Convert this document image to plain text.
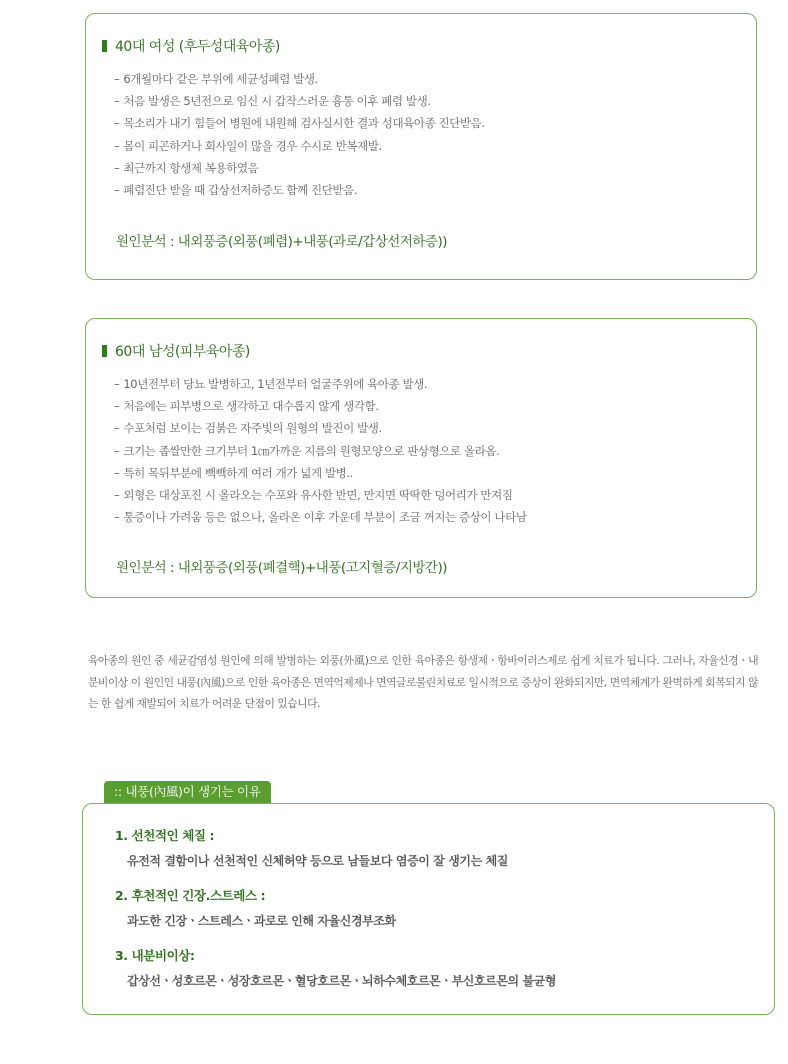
40대 여성 (후두성대육아종)
– 6개월마다 같은 부위에 세균성폐렴 발생.
– 처음 발생은 5년전으로 임신 시 갑작스러운 흉통 이후 폐렴 발생.
– 목소리가 내기 힘들어 병원에 내원해 검사실시한 결과 성대육아종 진단받음.
– 몸이 피곤하거나 회사일이 많을 경우 수시로 반복재발.
– 최근까지 항생제 복용하였음
– 폐렴진단 받을 때 갑상선저하증도 함께 진단받음.
원인분석 : 내외풍증(외풍(폐렴)+내풍(과로/갑상선저하증))
60대 남성(피부육아종)
– 10년전부터 당뇨 발병하고, 1년전부터 얼굴주위에 육아종 발생.
– 처음에는 피부병으로 생각하고 대수롭지 않게 생각함.
– 수포처럼 보이는 검붉은 자주빛의 원형의 발진이 발생.
– 크기는 좁쌀만한 크기부터 1㎝가까운 지름의 원형모양으로 판상형으로 올라옴.
– 특히 목뒤부분에 빽빽하게 여러 개가 넓게 발병..
– 외형은 대상포진 시 올라오는 수포와 유사한 반면, 만지면 딱딱한 덩어리가 만져짐
– 통증이나 가려움 등은 없으나, 올라온 이후 가운데 부분이 조금 꺼지는 증상이 나타남
원인분석 : 내외풍증(외풍(폐결핵)+내풍(고지혈증/지방간))

육아종의 원인 중 세균감염성 원인에 의해 발병하는 외풍(外風)으로 인한 육아종은 항생제ㆍ항바이러스제로 쉽게 치료가 됩니다. 그러나, 자율신경ㆍ내분비이상 이 원인인 내풍(內風)으로 인한 육아종은 면역억제제나 면역글로불린치료로 일시적으로 증상이 완화되지만, 면역체계가 완벽하게 회복되지 않는 한 쉽게 재발되어 치료가 어려운 단점이 있습니다.

:: 내풍(內風)이 생기는 이유
1. 선천적인 체질 :
유전적 결함이나 선천적인 신체허약 등으로 남들보다 염증이 잘 생기는 체질
2. 후천적인 긴장.스트레스 :
과도한 긴장ㆍ스트레스ㆍ과로로 인해 자율신경부조화
3. 내분비이상:
갑상선ㆍ성호르몬ㆍ성장호르몬ㆍ혈당호르몬ㆍ뇌하수체호르몬ㆍ부신호르몬의 불균형
